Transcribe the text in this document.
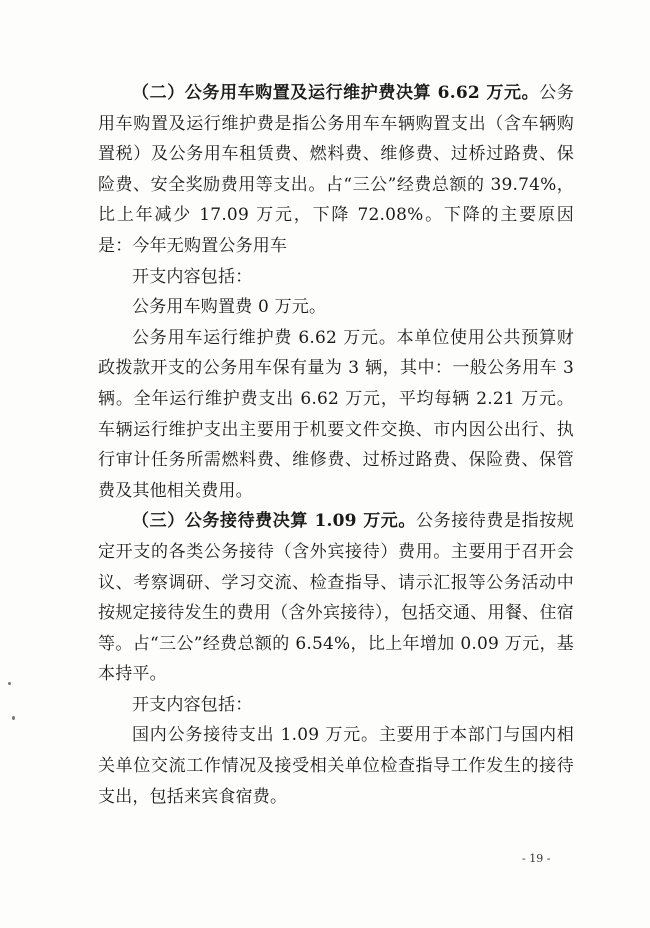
（二）公务用车购置及运行维护费决算 6.62 万元。公务用车购置及运行维护费是指公务用车车辆购置支出（含车辆购置税）及公务用车租赁费、燃料费、维修费、过桥过路费、保险费、安全奖励费用等支出。占“三公”经费总额的 39.74%，比上年减少 17.09 万元，下降 72.08%。下降的主要原因是：今年无购置公务用车

开支内容包括：

公务用车购置费 0 万元。

公务用车运行维护费 6.62 万元。本单位使用公共预算财政拨款开支的公务用车保有量为 3 辆，其中：一般公务用车 3 辆。全年运行维护费支出 6.62 万元，平均每辆 2.21 万元。车辆运行维护支出主要用于机要文件交换、市内因公出行、执行审计任务所需燃料费、维修费、过桥过路费、保险费、保管费及其他相关费用。

（三）公务接待费决算 1.09 万元。公务接待费是指按规定开支的各类公务接待（含外宾接待）费用。主要用于召开会议、考察调研、学习交流、检查指导、请示汇报等公务活动中按规定接待发生的费用（含外宾接待），包括交通、用餐、住宿等。占“三公”经费总额的 6.54%，比上年增加 0.09 万元，基本持平。

开支内容包括：

国内公务接待支出 1.09 万元。主要用于本部门与国内相关单位交流工作情况及接受相关单位检查指导工作发生的接待支出，包括来宾食宿费。

- 19 -
